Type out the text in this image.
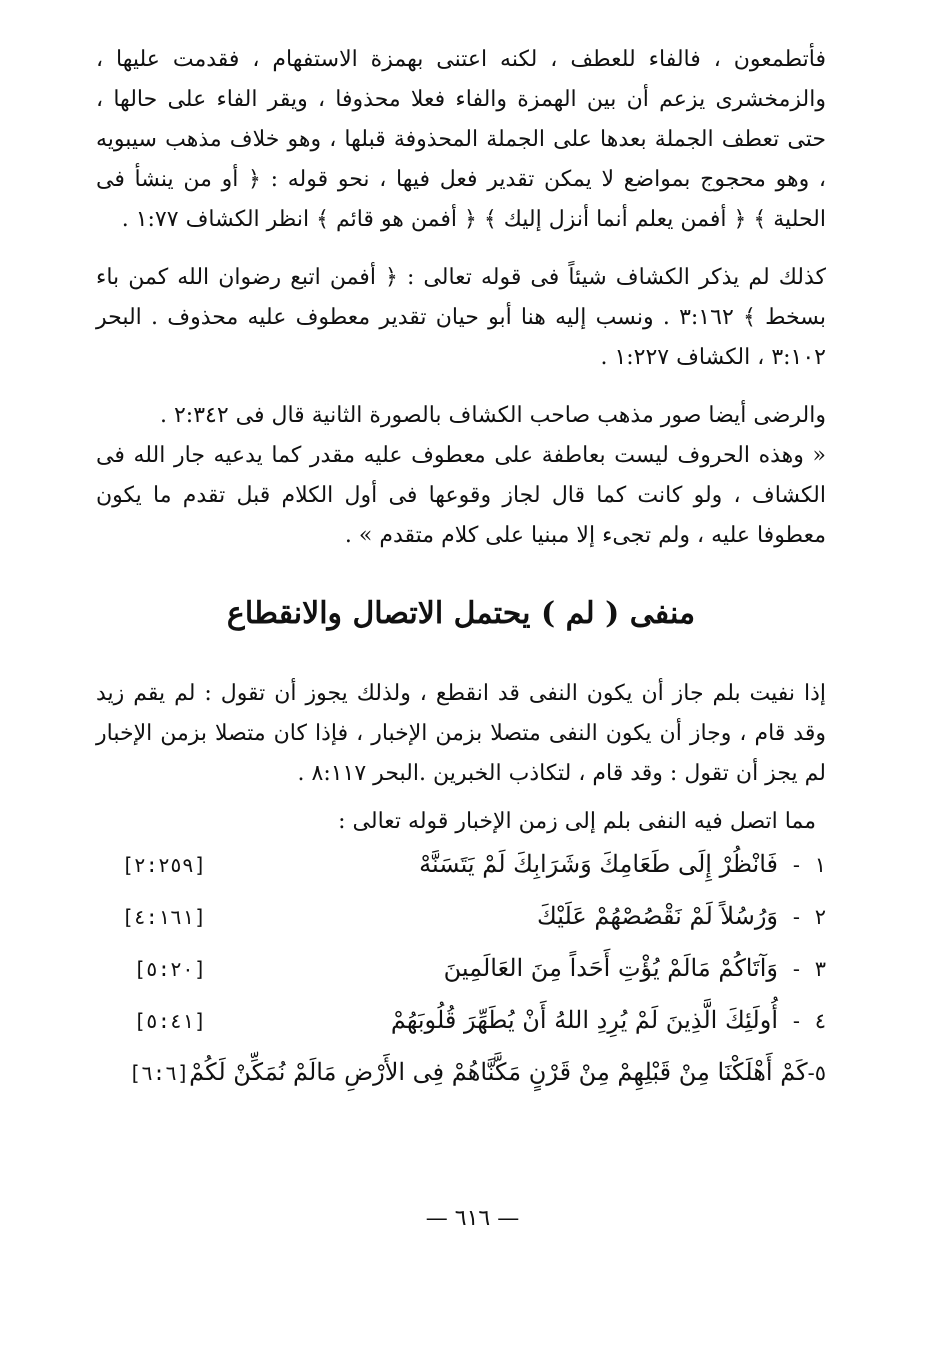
فأتطمعون ، فالفاء للعطف ، لكنه اعتنى بهمزة الاستفهام ، فقدمت عليها ، والزمخشرى يزعم أن بين الهمزة والفاء فعلا محذوفا ، ويقر الفاء على حالها ، حتى تعطف الجملة بعدها على الجملة المحذوفة قبلها ، وهو خلاف مذهب سيبويه ، وهو محجوج بمواضع لا يمكن تقدير فعل فيها ، نحو قوله : ﴿ أو من ينشأ فى الحلية ﴾ ﴿ أفمن يعلم أنما أنزل إليك ﴾ ﴿ أفمن هو قائم ﴾ انظر الكشاف ١:٧٧ .

كذلك لم يذكر الكشاف شيئاً فى قوله تعالى : ﴿ أفمن اتبع رضوان الله كمن باء بسخط ﴾ ٣:١٦٢ . ونسب إليه هنا أبو حيان تقدير معطوف عليه محذوف . البحر ٣:١٠٢ ، الكشاف ١:٢٢٧ .

والرضى أيضا صور مذهب صاحب الكشاف بالصورة الثانية قال فى ٢:٣٤٢ .

« وهذه الحروف ليست بعاطفة على معطوف عليه مقدر كما يدعيه جار الله فى الكشاف ، ولو كانت كما قال لجاز وقوعها فى أول الكلام قبل تقدم ما يكون معطوفا عليه ، ولم تجىء إلا مبنيا على كلام متقدم » .

منفى ( لم ) يحتمل الاتصال والانقطاع

إذا نفيت بلم جاز أن يكون النفى قد انقطع ، ولذلك يجوز أن تقول : لم يقم زيد وقد قام ، وجاز أن يكون النفى متصلا بزمن الإخبار ، فإذا كان متصلا بزمن الإخبار لم يجز أن تقول : وقد قام ، لتكاذب الخبرين .البحر ٨:١١٧ .

مما اتصل فيه النفى بلم إلى زمن الإخبار قوله تعالى :
١
-
فَانْظُرْ إِلَى طَعَامِكَ وَشَرَابِكَ لَمْ يَتَسَنَّهْ
[٢:٢٥٩]
٢
-
وَرُسُلاً لَمْ نَقْصُصْهُمْ عَلَيْكَ
[٤:١٦١]
٣
-
وَآتَاكُمْ مَالَمْ يُؤْتِ أَحَداً مِنَ العَالَمِينَ
[٥:٢٠]
٤
-
أُولَئِكَ الَّذِينَ لَمْ يُرِدِ اللهُ أَنْ يُطَهِّرَ قُلُوبَهُمْ
[٥:٤١]
٥
-
كَمْ أَهْلَكْنَا مِنْ قَبْلِهِمْ مِنْ قَرْنٍ مَكَّنَّاهُمْ فِى الأَرْضِ مَالَمْ نُمَكِّنْ لَكُمْ
[٦:٦]
— ٦١٦ —
